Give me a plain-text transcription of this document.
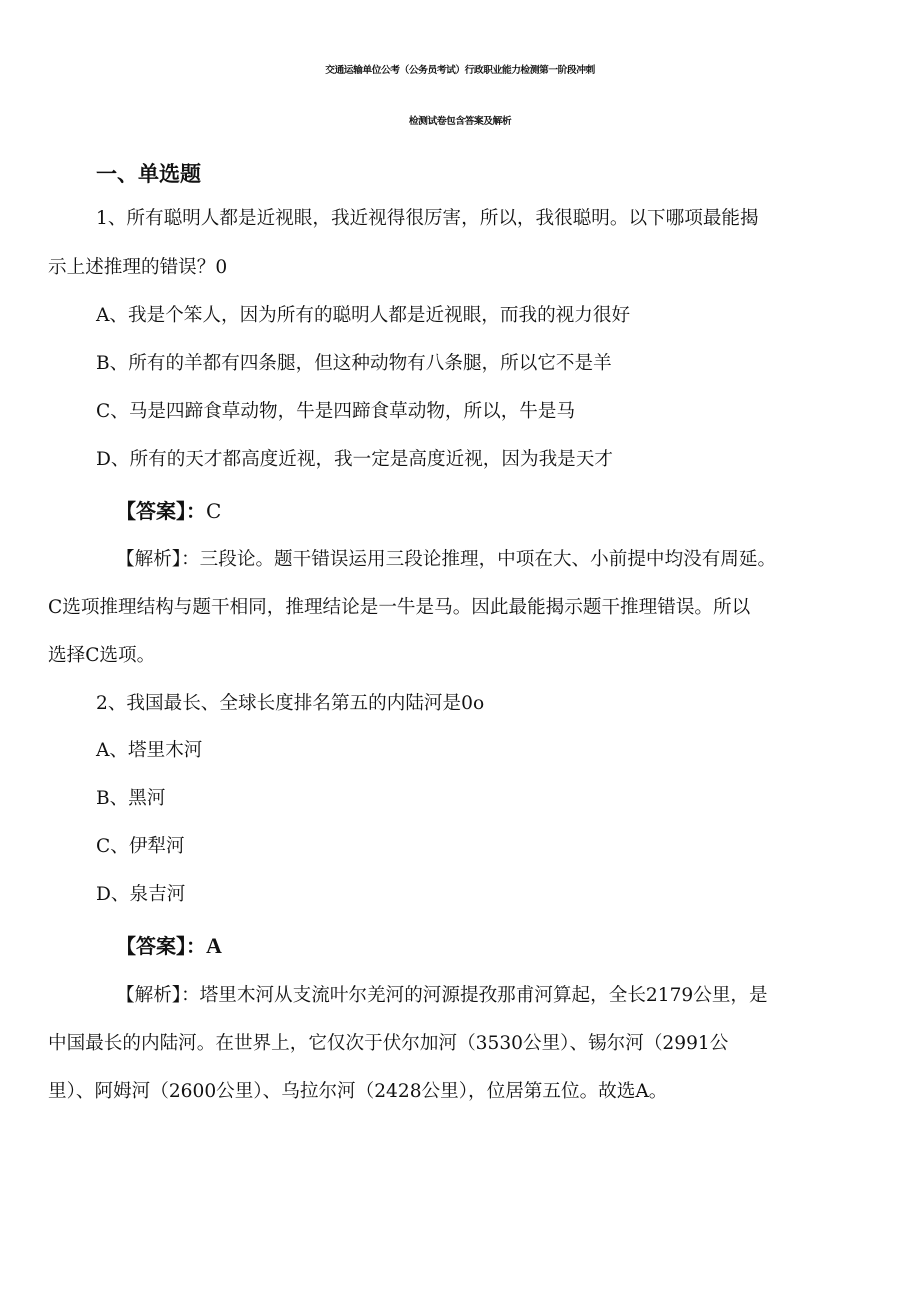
交通运输单位公考（公务员考试）行政职业能力检测第一阶段冲刺
检测试卷包含答案及解析
一、单选题

1、所有聪明人都是近视眼，我近视得很厉害，所以，我很聪明。以下哪项最能揭

示上述推理的错误？0

A、我是个笨人，因为所有的聪明人都是近视眼，而我的视力很好

B、所有的羊都有四条腿，但这种动物有八条腿，所以它不是羊

C、马是四蹄食草动物，牛是四蹄食草动物，所以，牛是马

D、所有的天才都高度近视，我一定是高度近视，因为我是天才

【答案】：C

【解析】：三段论。题干错误运用三段论推理，中项在大、小前提中均没有周延。

C选项推理结构与题干相同，推理结论是一牛是马。因此最能揭示题干推理错误。所以

选择C选项。

2、我国最长、全球长度排名第五的内陆河是0o

A、塔里木河

B、黑河

C、伊犁河

D、泉吉河

【答案】：A

【解析】：塔里木河从支流叶尔羌河的河源提孜那甫河算起，全长2179公里，是

中国最长的内陆河。在世界上，它仅次于伏尔加河（3530公里）、锡尔河（2991公

里）、阿姆河（2600公里）、乌拉尔河（2428公里），位居第五位。故选A。
